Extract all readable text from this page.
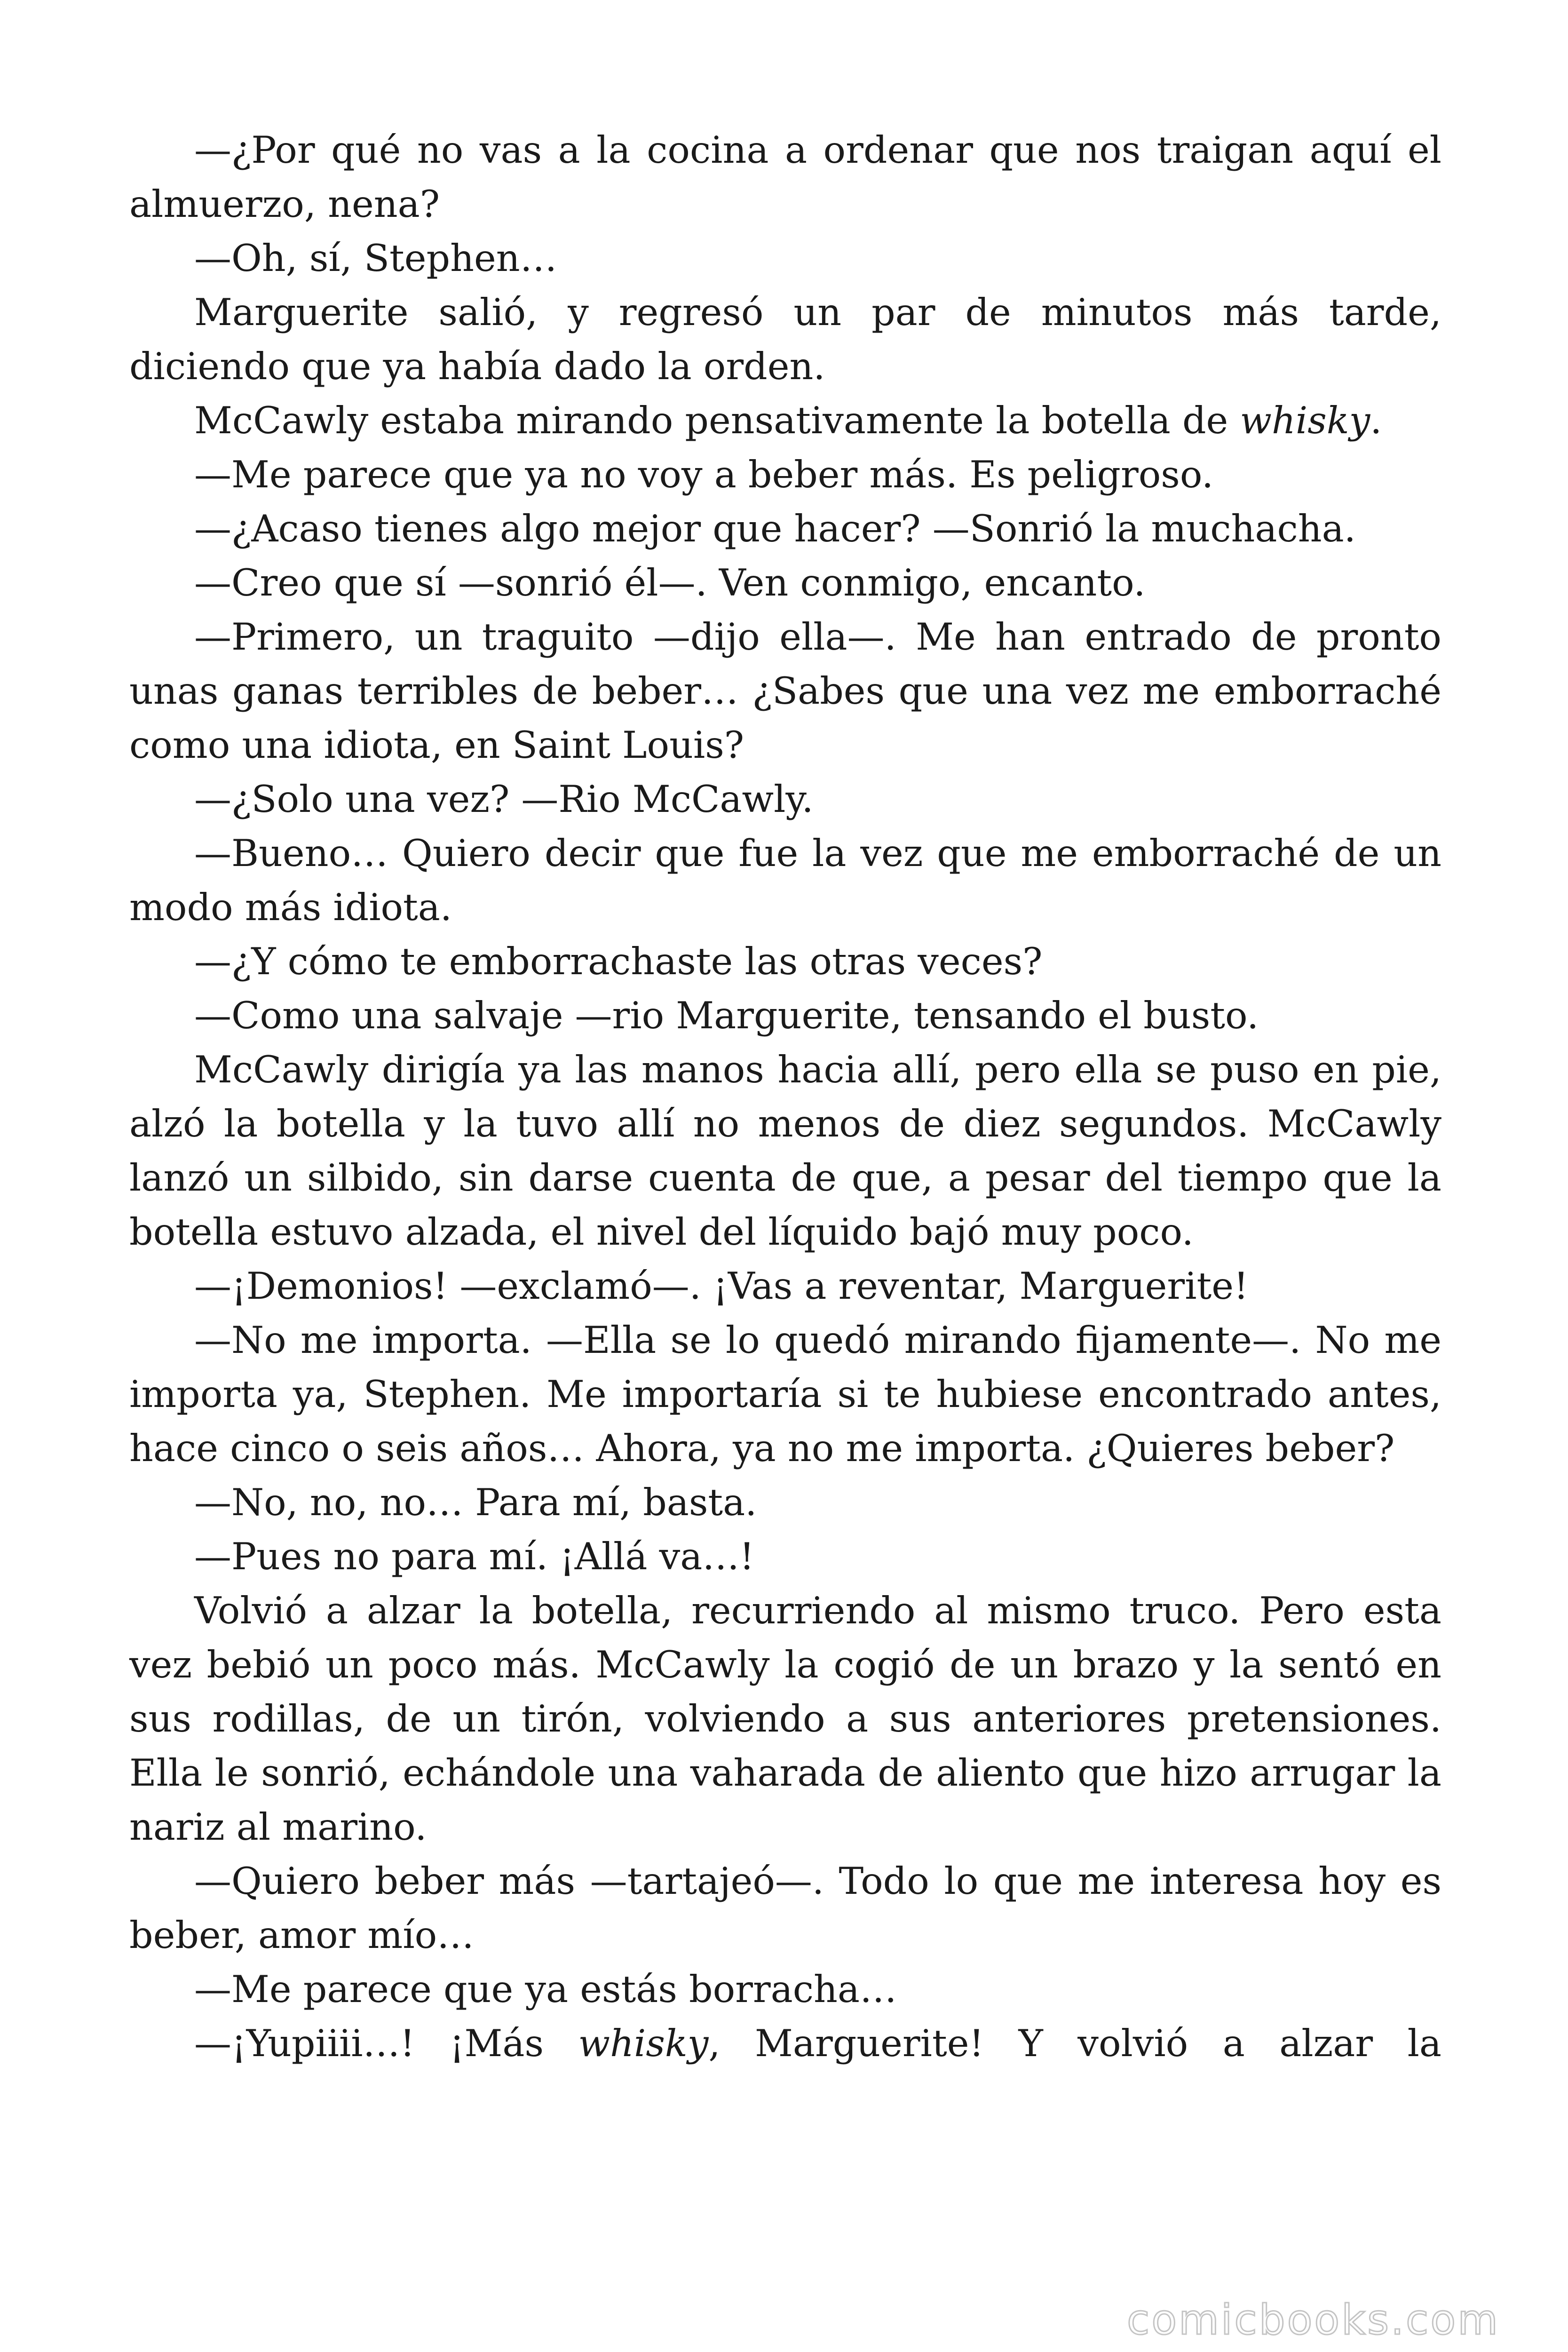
—¿Por qué no vas a la cocina a ordenar que nos traigan aquí el almuerzo, nena?

—Oh, sí, Stephen…

Marguerite salió, y regresó un par de minutos más tarde, diciendo que ya había dado la orden.

McCawly estaba mirando pensativamente la botella de whisky.

—Me parece que ya no voy a beber más. Es peligroso.

—¿Acaso tienes algo mejor que hacer? —Sonrió la muchacha.

—Creo que sí —sonrió él—. Ven conmigo, encanto.

—Primero, un traguito —dijo ella—. Me han entrado de pronto unas ganas terribles de beber… ¿Sabes que una vez me emborraché como una idiota, en Saint Louis?

—¿Solo una vez? —Rio McCawly.

—Bueno… Quiero decir que fue la vez que me emborraché de un modo más idiota.

—¿Y cómo te emborrachaste las otras veces?

—Como una salvaje —rio Marguerite, tensando el busto.

McCawly dirigía ya las manos hacia allí, pero ella se puso en pie, alzó la botella y la tuvo allí no menos de diez segundos. McCawly lanzó un silbido, sin darse cuenta de que, a pesar del tiempo que la botella estuvo alzada, el nivel del líquido bajó muy poco.

—¡Demonios! —exclamó—. ¡Vas a reventar, Marguerite!

—No me importa. —Ella se lo quedó mirando fijamente—. No me importa ya, Stephen. Me importaría si te hubiese encontrado antes, hace cinco o seis años… Ahora, ya no me importa. ¿Quieres beber?

—No, no, no… Para mí, basta.

—Pues no para mí. ¡Allá va…!

Volvió a alzar la botella, recurriendo al mismo truco. Pero esta vez bebió un poco más. McCawly la cogió de un brazo y la sentó en sus rodillas, de un tirón, volviendo a sus anteriores pretensiones. Ella le sonrió, echándole una vaharada de aliento que hizo arrugar la nariz al marino.

—Quiero beber más —tartajeó—. Todo lo que me interesa hoy es beber, amor mío…

—Me parece que ya estás borracha…

—¡Yupiiii…! ¡Más whisky, Marguerite! Y volvió a alzar la

comicbooks.com
